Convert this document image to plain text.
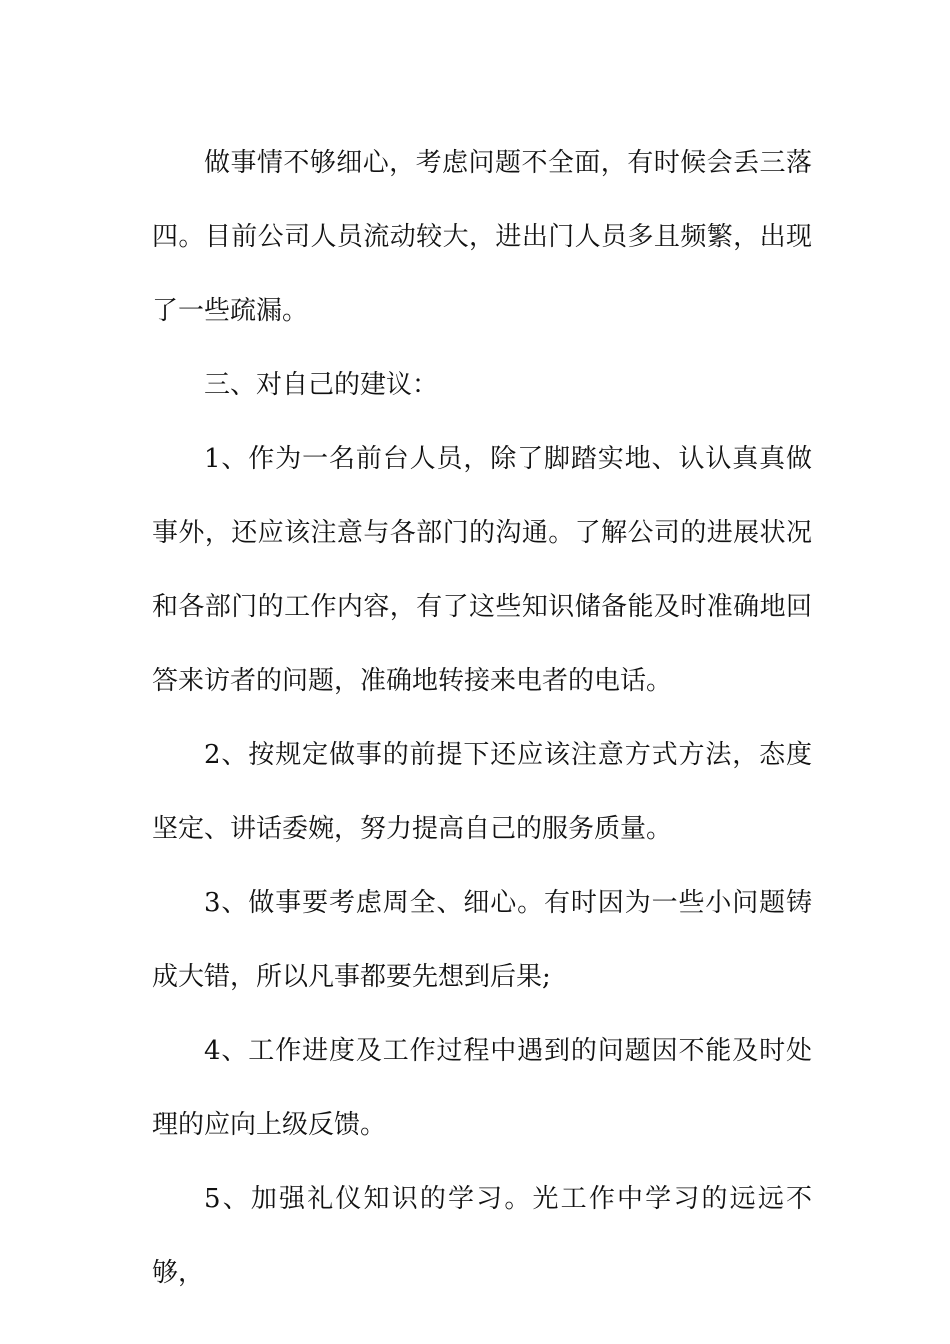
做事情不够细心，考虑问题不全面，有时候会丢三落四。目前公司人员流动较大，进出门人员多且频繁，出现了一些疏漏。

三、对自己的建议：

1、作为一名前台人员，除了脚踏实地、认认真真做事外，还应该注意与各部门的沟通。了解公司的进展状况和各部门的工作内容，有了这些知识储备能及时准确地回答来访者的问题，准确地转接来电者的电话。

2、按规定做事的前提下还应该注意方式方法，态度坚定、讲话委婉，努力提高自己的服务质量。

3、做事要考虑周全、细心。有时因为一些小问题铸成大错，所以凡事都要先想到后果;

4、工作进度及工作过程中遇到的问题因不能及时处理的应向上级反馈。

5、加强礼仪知识的学习。光工作中学习的远远不够，
